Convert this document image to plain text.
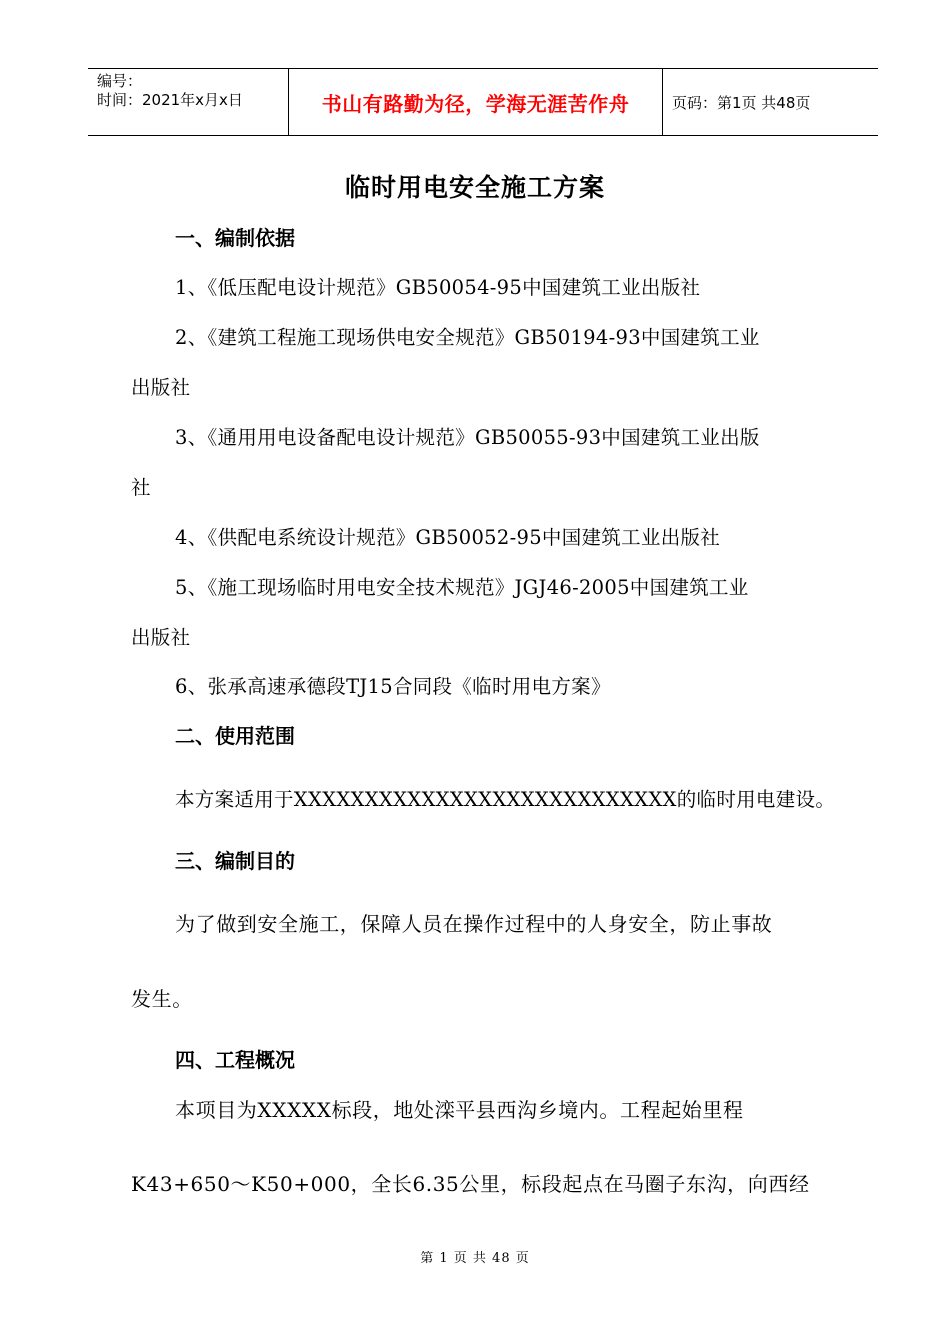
编号：
时间：2021年x月x日	书山有路勤为径，学海无涯苦作舟	页码：第1页 共48页
临时用电安全施工方案
一、编制依据
1、《低压配电设计规范》GB50054-95中国建筑工业出版社
2、《建筑工程施工现场供电安全规范》GB50194-93中国建筑工业
出版社
3、《通用用电设备配电设计规范》GB50055-93中国建筑工业出版
社
4、《供配电系统设计规范》GB50052-95中国建筑工业出版社
5、《施工现场临时用电安全技术规范》JGJ46-2005中国建筑工业
出版社
6、张承高速承德段TJ15合同段《临时用电方案》
二、使用范围
本方案适用于XXXXXXXXXXXXXXXXXXXXXXXXXXX的临时用电建设。
三、编制目的
为了做到安全施工，保障人员在操作过程中的人身安全，防止事故
发生。
四、工程概况
本项目为XXXXX标段，地处滦平县西沟乡境内。工程起始里程
K43+650～K50+000，全长6.35公里，标段起点在马圈子东沟，向西经
第 1 页 共 48 页
